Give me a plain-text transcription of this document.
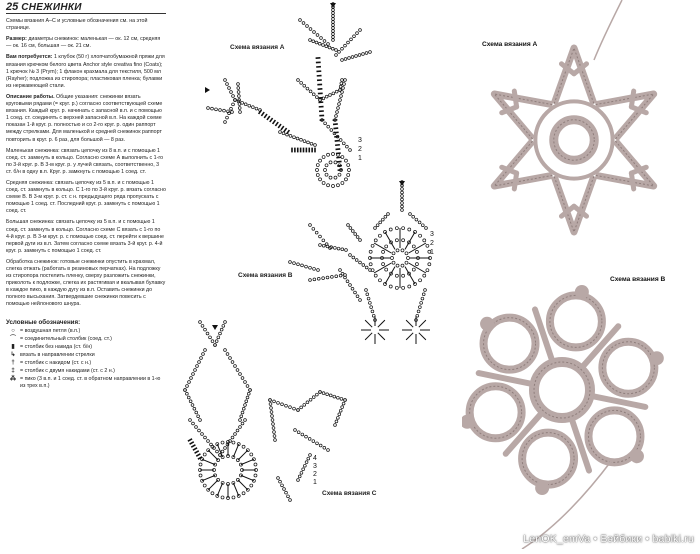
25 СНЕЖИНКИ

Схемы вязания А–С и условные обозначения см. на этой странице.

Размер: диаметры снежинок: маленькая — ок. 12 см, средняя — ок. 16 см, большая — ок. 21 см.

Вам потребуется: 1 клубок (50 г) хлопчатобумажной пряжи для вязания крючком белого цвета Anchor style creativa fino (Coats); 1 крючок № 3 (Prym); 1 флакон крахмала для текстиля, 500 мл (Rayher); подложка из стиропора; пластиковая пленка; булавки из нержавеющей стали.

Описание работы. Общие указания: снежинки вязать круговыми рядами (= круг. р.) согласно соответствующей схеме вязания. Каждый круг. р. начинать с запасной в.п. и с помощью 1 соед. ст. соединять с верхней запасной в.п. На каждой схеме показан 1-й круг. р. полностью и со 2-го круг. р. один раппорт между стрелками. Для маленькой и средней снежинок раппорт повторить в круг. р. 6 раз, для большой — 8 раз.

Маленькая снежинка: связать цепочку из 8 в.п. и с помощью 1 соед. ст. замкнуть в кольцо. Согласно схеме А выполнить с 1-го по 3-й круг. р. В 3-м круг. р. у лучей связать, соответственно, 3 ст. б/н в одну в.п. Круг. р. замкнуть с помощью 1 соед. ст.

Средняя снежинка: связать цепочку из 5 в.п. и с помощью 1 соед. ст. замкнуть в кольцо. С 1-го по 3-й круг. р. вязать согласно схеме В. В 3-м круг. р. ст. с н. предыдущего ряда пропускать с помощью 1 соед. ст. Последний круг. р. замкнуть с помощью 1 соед. ст.

Большая снежинка: связать цепочку из 5 в.п. и с помощью 1 соед. ст. замкнуть в кольцо. Согласно схеме С вязать с 1-го по 4-й круг. р. В 3-м круг. р. с помощью соед. ст. перейти к вершине первой дуги из в.п. Затем согласно схеме вязать 3-й круг. р. 4-й круг. р. замкнуть с помощью 1 соед. ст.

Обработка снежинок: готовые снежинки опустить в крахмал, слегка отжать (работать в резиновых перчатках). На подложку из стиропора постелить пленку, сверху разложить снежинки, приколоть к подложке, слегка их растягивая и вкалывая булавку в каждое пико, в каждую дугу из в.п. Оставить снежинки до полного высыхания. Затвердевшие снежинки повесить с помощью нейлонового шнура.

Условные обозначения:
○ = воздушная петля (в.п.)
⌒ = соединительный столбик (соед. ст.)
▮	= столбик без накида (ст. б/н)
↳ вязать в направлении стрелки
†	= столбик с накидом (ст. с н.)
‡	= столбик с двумя накидами (ст. с 2 н.)
⁂ = пико (3 в.п. и 1 соед. ст. в обратном направлении в 1-ю из трех в.п.)
3
2
1
3
2
1
4
3
2
1
Схема вязания А
Схема вязания В
Схема вязания С
Схема вязания А
Схема вязания В
LenOK_emVa • Бэйбики • babiki.ru
